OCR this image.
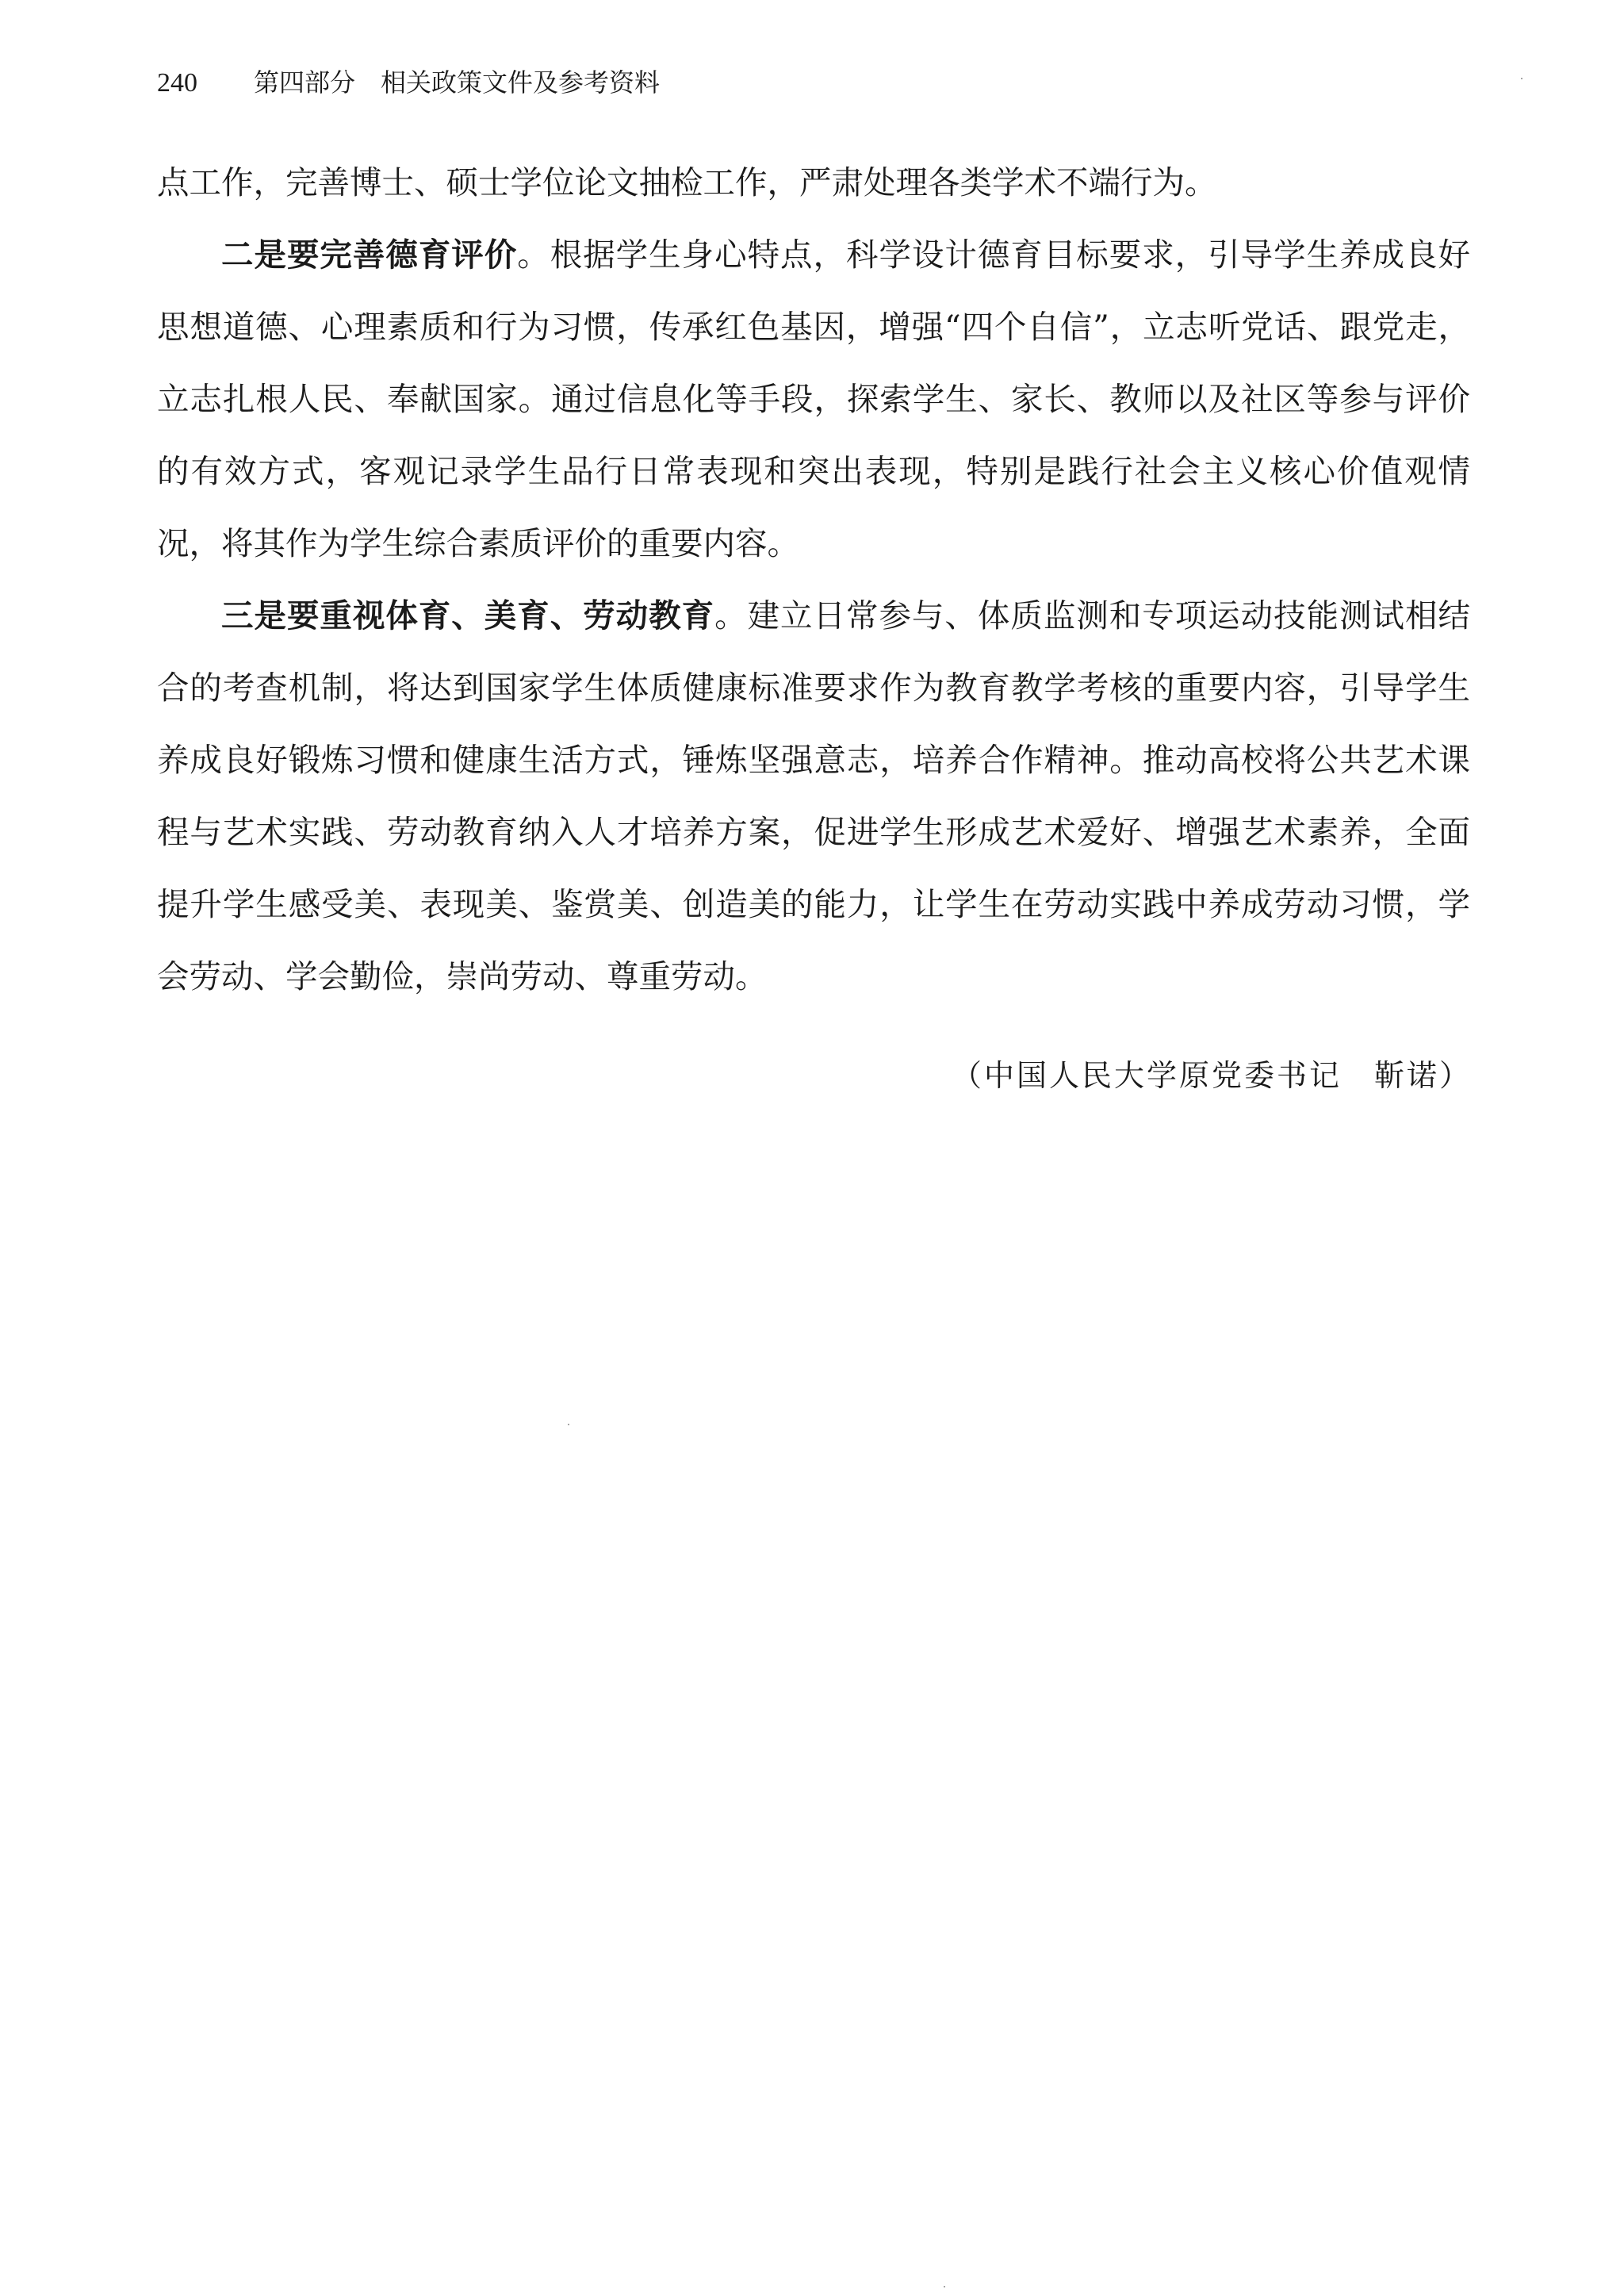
240 第四部分　相关政策文件及参考资料

点工作，完善博士、硕士学位论文抽检工作，严肃处理各类学术不端行为。

二是要完善德育评价。根据学生身心特点，科学设计德育目标要求，引导学生养成良好思想道德、心理素质和行为习惯，传承红色基因，增强“四个自信”，立志听党话、跟党走，立志扎根人民、奉献国家。通过信息化等手段，探索学生、家长、教师以及社区等参与评价的有效方式，客观记录学生品行日常表现和突出表现，特别是践行社会主义核心价值观情况，将其作为学生综合素质评价的重要内容。

三是要重视体育、美育、劳动教育。建立日常参与、体质监测和专项运动技能测试相结合的考查机制，将达到国家学生体质健康标准要求作为教育教学考核的重要内容，引导学生养成良好锻炼习惯和健康生活方式，锤炼坚强意志，培养合作精神。推动高校将公共艺术课程与艺术实践、劳动教育纳入人才培养方案，促进学生形成艺术爱好、增强艺术素养，全面提升学生感受美、表现美、鉴赏美、创造美的能力，让学生在劳动实践中养成劳动习惯，学会劳动、学会勤俭，崇尚劳动、尊重劳动。

（中国人民大学原党委书记　靳诺）
